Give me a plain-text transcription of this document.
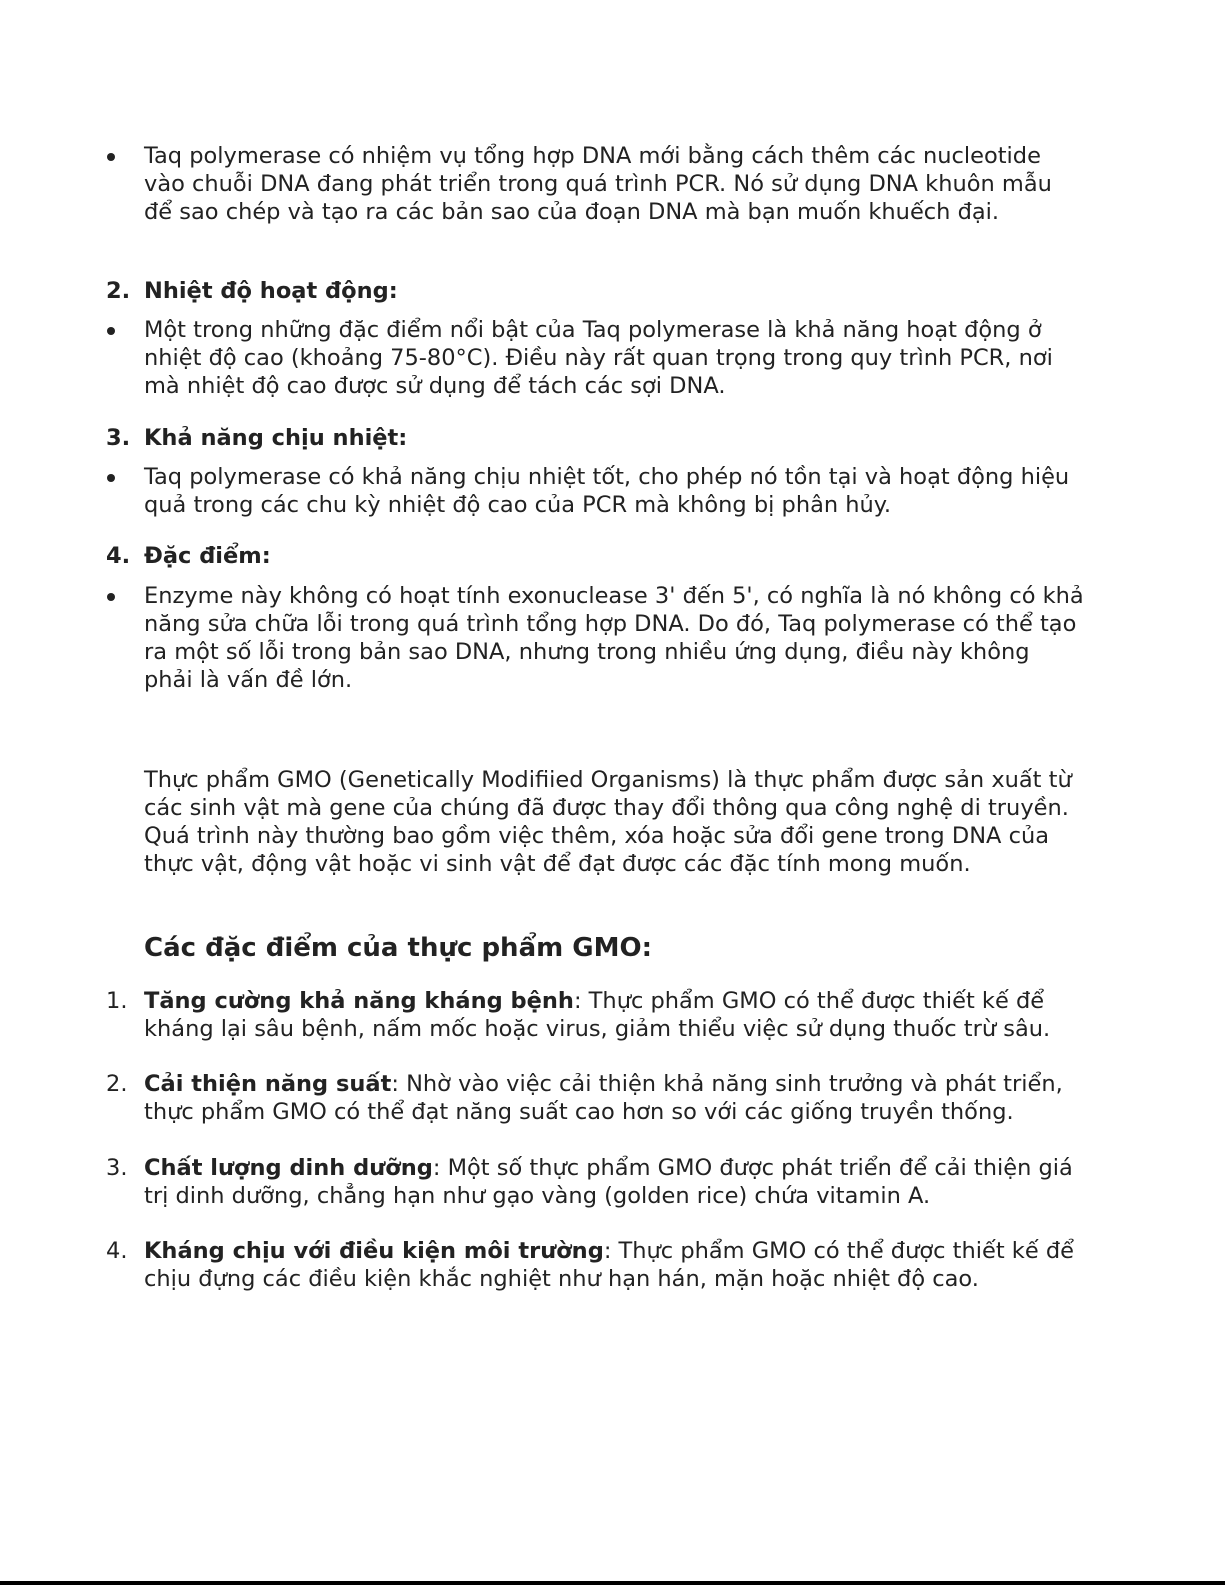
Taq polymerase có nhiệm vụ tổng hợp DNA mới bằng cách thêm các nucleotide vào chuỗi DNA đang phát triển trong quá trình PCR. Nó sử dụng DNA khuôn mẫu để sao chép và tạo ra các bản sao của đoạn DNA mà bạn muốn khuếch đại.
2. Nhiệt độ hoạt động:
Một trong những đặc điểm nổi bật của Taq polymerase là khả năng hoạt động ở nhiệt độ cao (khoảng 75-80°C). Điều này rất quan trọng trong quy trình PCR, nơi mà nhiệt độ cao được sử dụng để tách các sợi DNA.
3. Khả năng chịu nhiệt:
Taq polymerase có khả năng chịu nhiệt tốt, cho phép nó tồn tại và hoạt động hiệu quả trong các chu kỳ nhiệt độ cao của PCR mà không bị phân hủy.
4. Đặc điểm:
Enzyme này không có hoạt tính exonuclease 3' đến 5', có nghĩa là nó không có khả năng sửa chữa lỗi trong quá trình tổng hợp DNA. Do đó, Taq polymerase có thể tạo ra một số lỗi trong bản sao DNA, nhưng trong nhiều ứng dụng, điều này không phải là vấn đề lớn.
Thực phẩm GMO (Genetically Modifiied Organisms) là thực phẩm được sản xuất từ các sinh vật mà gene của chúng đã được thay đổi thông qua công nghệ di truyền. Quá trình này thường bao gồm việc thêm, xóa hoặc sửa đổi gene trong DNA của thực vật, động vật hoặc vi sinh vật để đạt được các đặc tính mong muốn.
Các đặc điểm của thực phẩm GMO:
1. Tăng cường khả năng kháng bệnh: Thực phẩm GMO có thể được thiết kế để kháng lại sâu bệnh, nấm mốc hoặc virus, giảm thiểu việc sử dụng thuốc trừ sâu.
2. Cải thiện năng suất: Nhờ vào việc cải thiện khả năng sinh trưởng và phát triển, thực phẩm GMO có thể đạt năng suất cao hơn so với các giống truyền thống.
3. Chất lượng dinh dưỡng: Một số thực phẩm GMO được phát triển để cải thiện giá trị dinh dưỡng, chẳng hạn như gạo vàng (golden rice) chứa vitamin A.
4. Kháng chịu với điều kiện môi trường: Thực phẩm GMO có thể được thiết kế để chịu đựng các điều kiện khắc nghiệt như hạn hán, mặn hoặc nhiệt độ cao.
